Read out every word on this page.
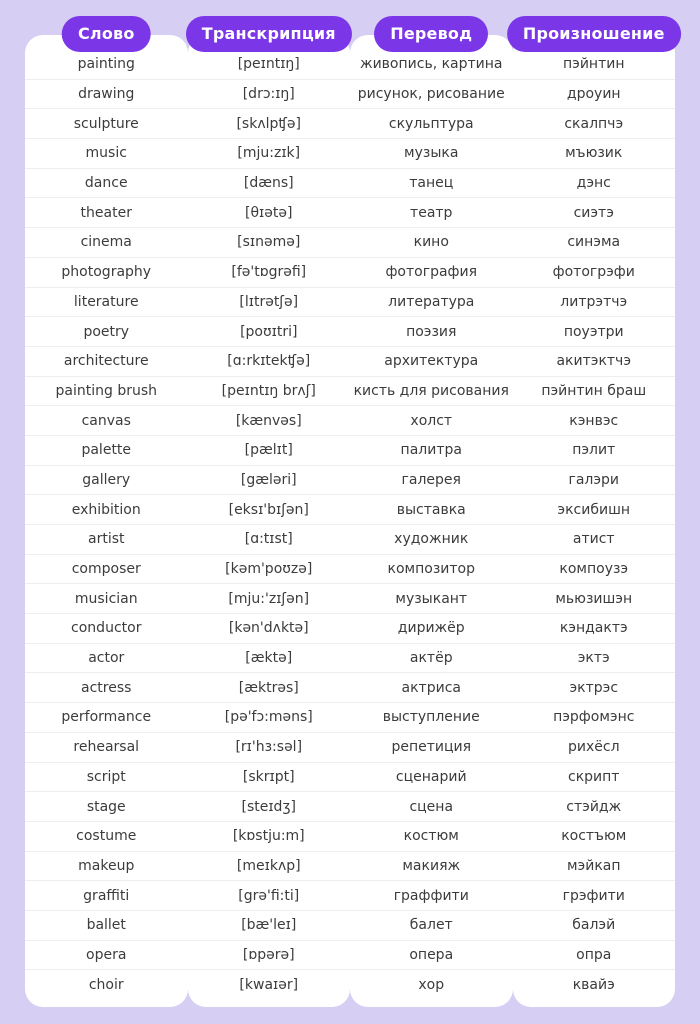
Слово
painting
drawing
sculpture
music
dance
theater
cinema
photography
literature
poetry
architecture
painting brush
canvas
palette
gallery
exhibition
artist
composer
musician
conductor
actor
actress
performance
rehearsal
script
stage
costume
makeup
graffiti
ballet
opera
choir
Транскрипция
[peɪntɪŋ]
[drɔ:ɪŋ]
[skʌlpʧə]
[mju:zɪk]
[dæns]
[θɪətə]
[sɪnəmə]
[fə'tɒgrəfi]
[lɪtrətʃə]
[poʊɪtri]
[ɑ:rkɪtekʧə]
[peɪntɪŋ brʌʃ]
[kænvəs]
[pælɪt]
[gæləri]
[eksɪ'bɪʃən]
[ɑ:tɪst]
[kəm'poʊzə]
[mju:'zɪʃən]
[kən'dʌktə]
[æktə]
[æktrəs]
[pə'fɔ:məns]
[rɪ'hɜ:səl]
[skrɪpt]
[steɪdʒ]
[kɒstju:m]
[meɪkʌp]
[grə'fi:ti]
[bæ'leɪ]
[ɒpərə]
[kwaɪər]
Перевод
живопись, картина
рисунок, рисование
скульптура
музыка
танец
театр
кино
фотография
литература
поэзия
архитектура
кисть для рисования
холст
палитра
галерея
выставка
художник
композитор
музыкант
дирижёр
актёр
актриса
выступление
репетиция
сценарий
сцена
костюм
макияж
граффити
балет
опера
хор
Произношение
пэйнтин
дроуин
скалпчэ
мъюзик
дэнс
сиэтэ
синэма
фотогрэфи
литрэтчэ
поуэтри
акитэктчэ
пэйнтин браш
кэнвэс
пэлит
галэри
эксибишн
атист
компоузэ
мьюзишэн
кэндактэ
эктэ
эктрэс
пэрфомэнс
рихёсл
скрипт
стэйдж
костъюм
мэйкап
грэфити
балэй
опра
квайэ
